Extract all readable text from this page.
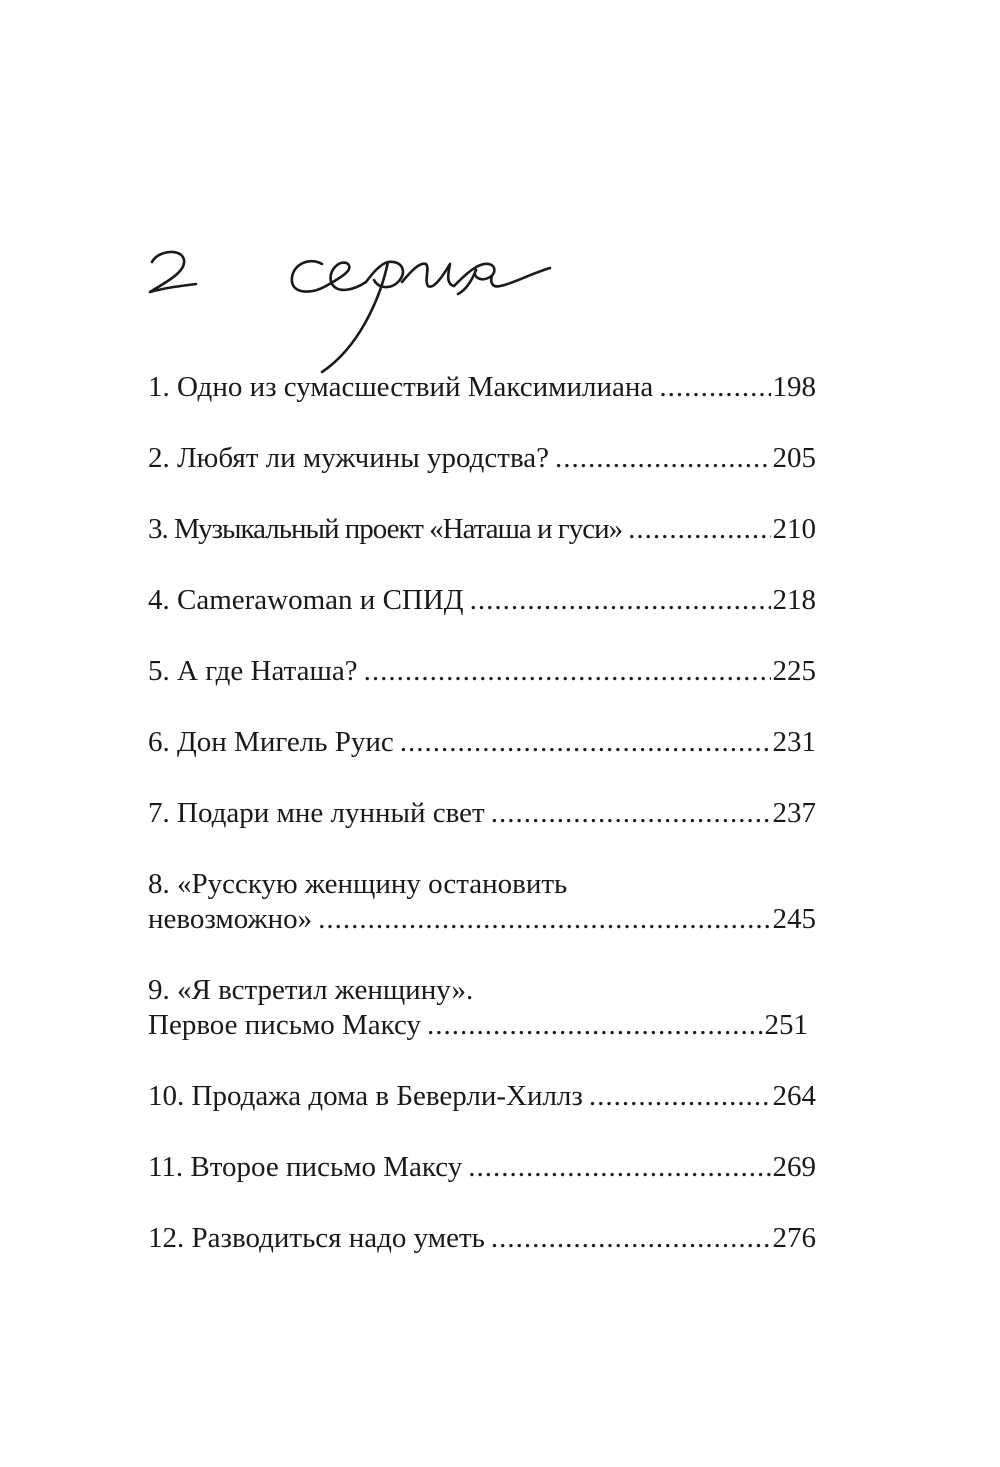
1. Одно из сумасшествий Максимилиана .....	198
2. Любят ли мужчины уродства? .....	205
3. Музыкальный проект «Наташа и гуси» .....	210
4. Camerawoman и СПИД .....	218
5. А где Наташа? .....	225
6. Дон Мигель Руис .....	231
7. Подари мне лунный свет .....	237
8. «Русскую женщину остановить
невозможно» .....	245
9. «Я встретил женщину».
Первое письмо Максу .....	251
10. Продажа дома в Беверли-Хиллз .....	264
11. Второе письмо Максу .....	269
12. Разводиться надо уметь .....	276
